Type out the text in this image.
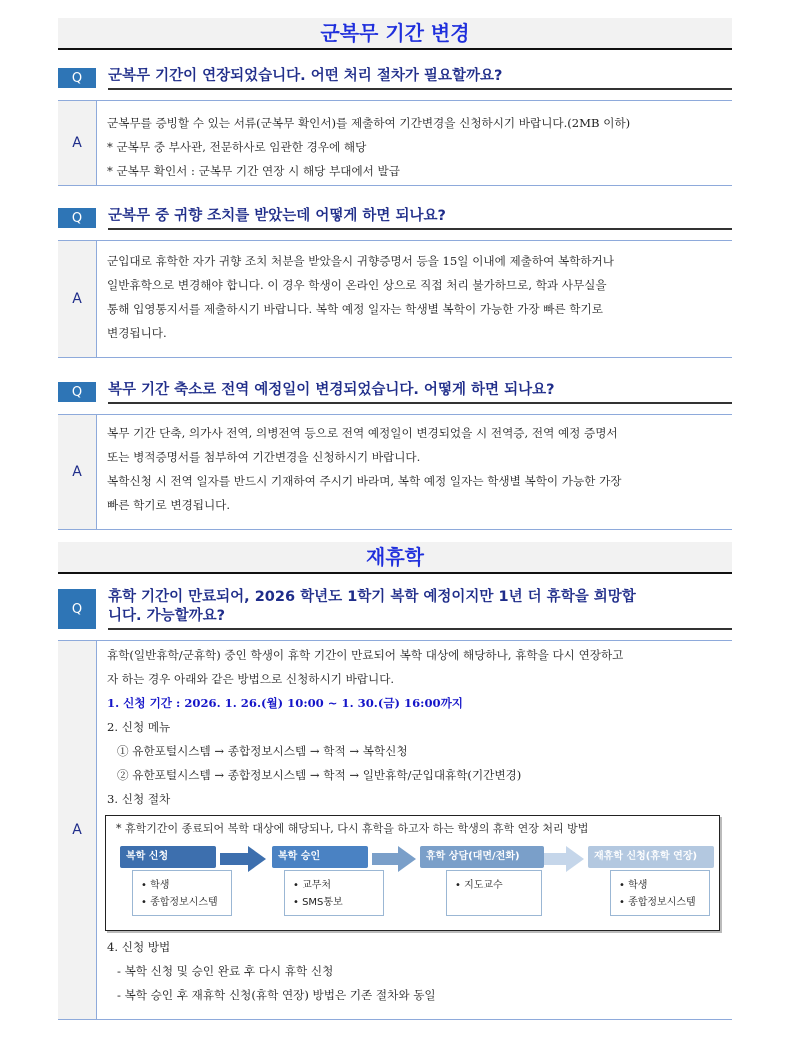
군복무 기간 변경
Q	군복무 기간이 연장되었습니다. 어떤 처리 절차가 필요할까요?
A

군복무를 증빙할 수 있는 서류(군복무 확인서)를 제출하여 기간변경을 신청하시기 바랍니다.(2MB 이하)

* 군복무 중 부사관, 전문하사로 임관한 경우에 해당

* 군복무 확인서 : 군복무 기간 연장 시 해당 부대에서 발급

Q	군복무 중 귀향 조치를 받았는데 어떻게 하면 되나요?
A

군입대로 휴학한 자가 귀향 조치 처분을 받았을시 귀향증명서 등을 15일 이내에 제출하여 복학하거나

일반휴학으로 변경해야 합니다. 이 경우 학생이 온라인 상으로 직접 처리 불가하므로, 학과 사무실을

통해 입영통지서를 제출하시기 바랍니다. 복학 예정 일자는 학생별 복학이 가능한 가장 빠른 학기로

변경됩니다.

Q	복무 기간 축소로 전역 예정일이 변경되었습니다. 어떻게 하면 되나요?
A

복무 기간 단축, 의가사 전역, 의병전역 등으로 전역 예정일이 변경되었을 시 전역증, 전역 예정 증명서

또는 병적증명서를 첨부하여 기간변경을 신청하시기 바랍니다.

복학신청 시 전역 일자를 반드시 기재하여 주시기 바라며, 복학 예정 일자는 학생별 복학이 가능한 가장

빠른 학기로 변경됩니다.

재휴학
Q
휴학 기간이 만료되어, 2026 학년도 1학기 복학 예정이지만 1년 더 휴학을 희망합
니다. 가능할까요?
A

휴학(일반휴학/군휴학) 중인 학생이 휴학 기간이 만료되어 복학 대상에 해당하나, 휴학을 다시 연장하고

자 하는 경우 아래와 같은 방법으로 신청하시기 바랍니다.

1. 신청 기간 : 2026. 1. 26.(월) 10:00 ~ 1. 30.(금) 16:00까지

2. 신청 메뉴

① 유한포털시스템 → 종합정보시스템 → 학적 → 복학신청

② 유한포털시스템 → 종합정보시스템 → 학적 → 일반휴학/군입대휴학(기간변경)

3. 신청 절차

* 휴학기간이 종료되어 복학 대상에 해당되나, 다시 휴학을 하고자 하는 학생의 휴학 연장 처리 방법
복학 신청
• 학생
• 종합정보시스템
복학 승인
• 교무처
• SMS통보
휴학 상담(대면/전화)
• 지도교수
재휴학 신청(휴학 연장)
• 학생
• 종합정보시스템

4. 신청 방법

- 복학 신청 및 승인 완료 후 다시 휴학 신청

- 복학 승인 후 재휴학 신청(휴학 연장) 방법은 기존 절차와 동일
